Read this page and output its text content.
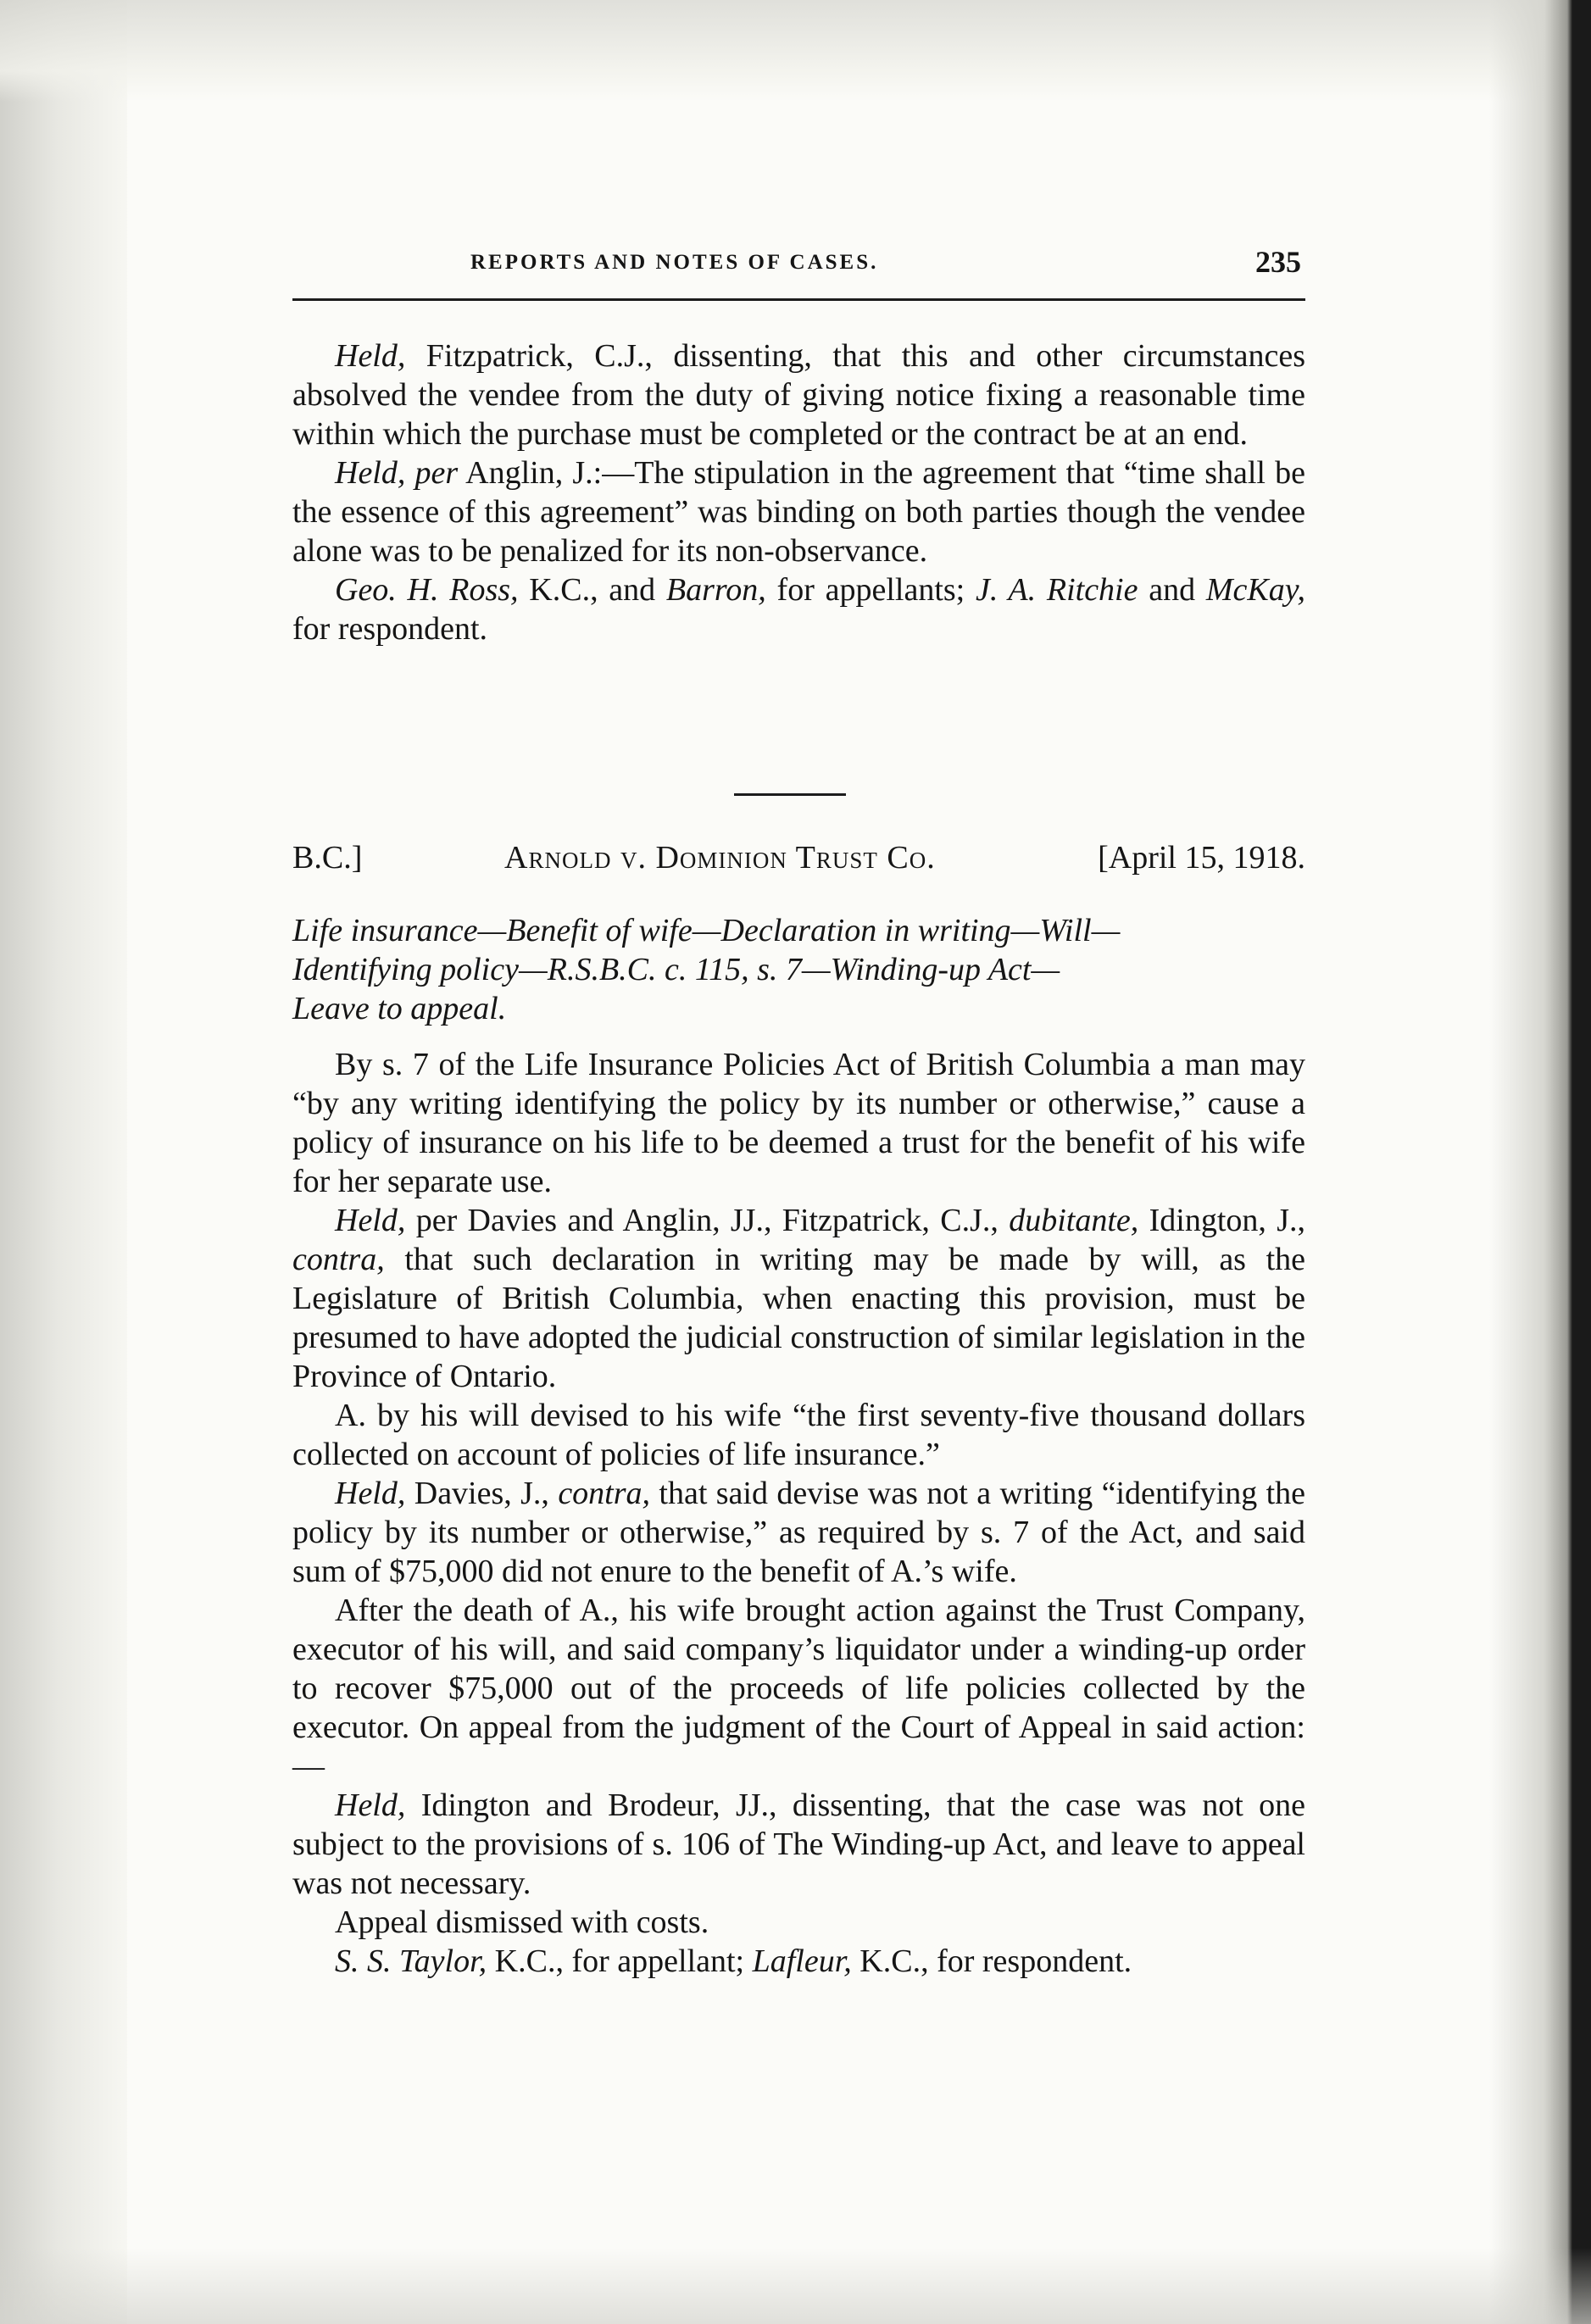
REPORTS AND NOTES OF CASES.	235

Held, Fitzpatrick, C.J., dissenting, that this and other circumstances absolved the vendee from the duty of giving notice fixing a reasonable time within which the purchase must be completed or the contract be at an end.

Held, per Anglin, J.:—The stipulation in the agreement that “time shall be the essence of this agreement” was binding on both parties though the vendee alone was to be penalized for its non-observance.

Geo. H. Ross, K.C., and Barron, for appellants; J. A. Ritchie and McKay, for respondent.

B.C.]	Arnold v. Dominion Trust Co.	[April 15, 1918.
Life insurance—Benefit of wife—Declaration in writing—Will—
Identifying policy—R.S.B.C. c. 115, s. 7—Winding-up Act—
Leave to appeal.

By s. 7 of the Life Insurance Policies Act of British Columbia a man may “by any writing identifying the policy by its number or otherwise,” cause a policy of insurance on his life to be deemed a trust for the benefit of his wife for her separate use.

Held, per Davies and Anglin, JJ., Fitzpatrick, C.J., dubitante, Idington, J., contra, that such declaration in writing may be made by will, as the Legislature of British Columbia, when enacting this provision, must be presumed to have adopted the judicial construction of similar legislation in the Province of Ontario.

A. by his will devised to his wife “the first seventy-five thousand dollars collected on account of policies of life insurance.”

Held, Davies, J., contra, that said devise was not a writing “identifying the policy by its number or otherwise,” as required by s. 7 of the Act, and said sum of $75,000 did not enure to the benefit of A.’s wife.

After the death of A., his wife brought action against the Trust Company, executor of his will, and said company’s liquidator under a winding-up order to recover $75,000 out of the proceeds of life policies collected by the executor. On appeal from the judgment of the Court of Appeal in said action:—

Held, Idington and Brodeur, JJ., dissenting, that the case was not one subject to the provisions of s. 106 of The Winding-up Act, and leave to appeal was not necessary.

Appeal dismissed with costs.

S. S. Taylor, K.C., for appellant; Lafleur, K.C., for respondent.
